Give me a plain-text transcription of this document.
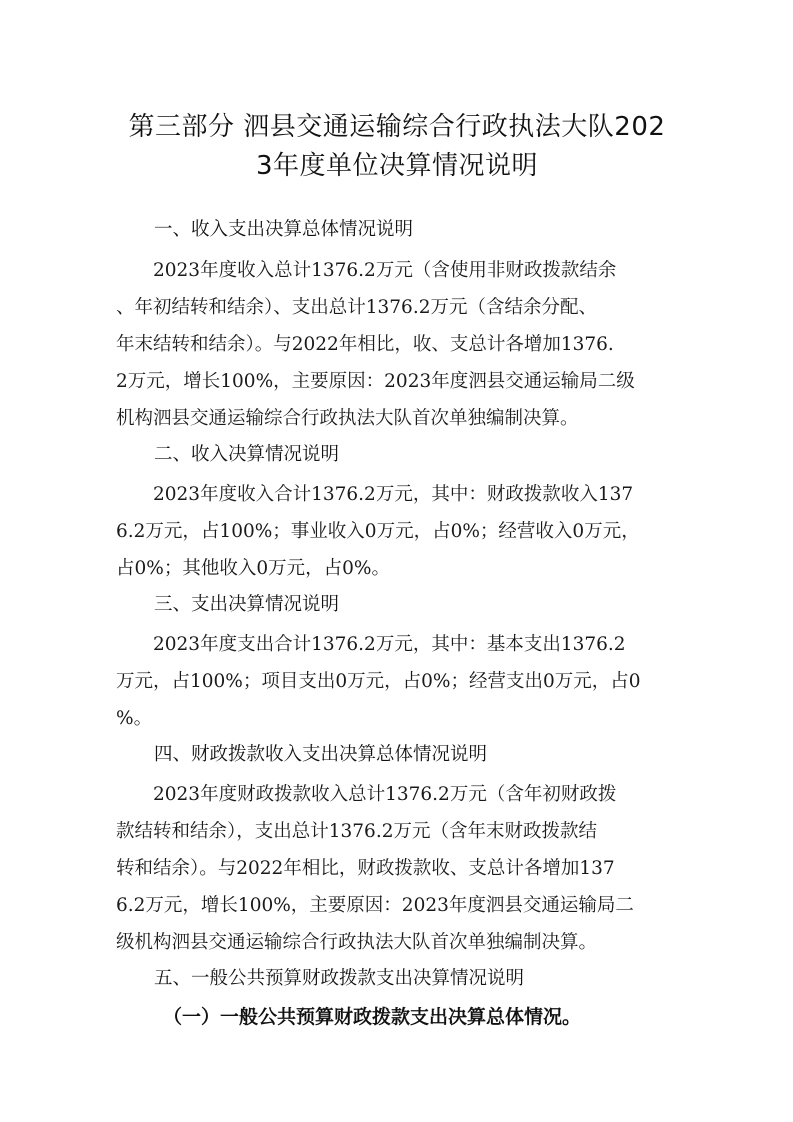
第三部分 泗县交通运输综合行政执法大队202
3年度单位决算情况说明
一、收入支出决算总体情况说明
2023年度收入总计1376.2万元（含使用非财政拨款结余
、年初结转和结余）、支出总计1376.2万元（含结余分配、
年末结转和结余）。与2022年相比，收、支总计各增加1376.
2万元，增长100%，主要原因：2023年度泗县交通运输局二级
机构泗县交通运输综合行政执法大队首次单独编制决算。
二、收入决算情况说明
2023年度收入合计1376.2万元，其中：财政拨款收入137
6.2万元，占100%；事业收入0万元，占0%；经营收入0万元，
占0%；其他收入0万元，占0%。
三、支出决算情况说明
2023年度支出合计1376.2万元，其中：基本支出1376.2
万元，占100%；项目支出0万元，占0%；经营支出0万元，占0
%。
四、财政拨款收入支出决算总体情况说明
2023年度财政拨款收入总计1376.2万元（含年初财政拨
款结转和结余），支出总计1376.2万元（含年末财政拨款结
转和结余）。与2022年相比，财政拨款收、支总计各增加137
6.2万元，增长100%，主要原因：2023年度泗县交通运输局二
级机构泗县交通运输综合行政执法大队首次单独编制决算。
五、一般公共预算财政拨款支出决算情况说明
（一）一般公共预算财政拨款支出决算总体情况。
